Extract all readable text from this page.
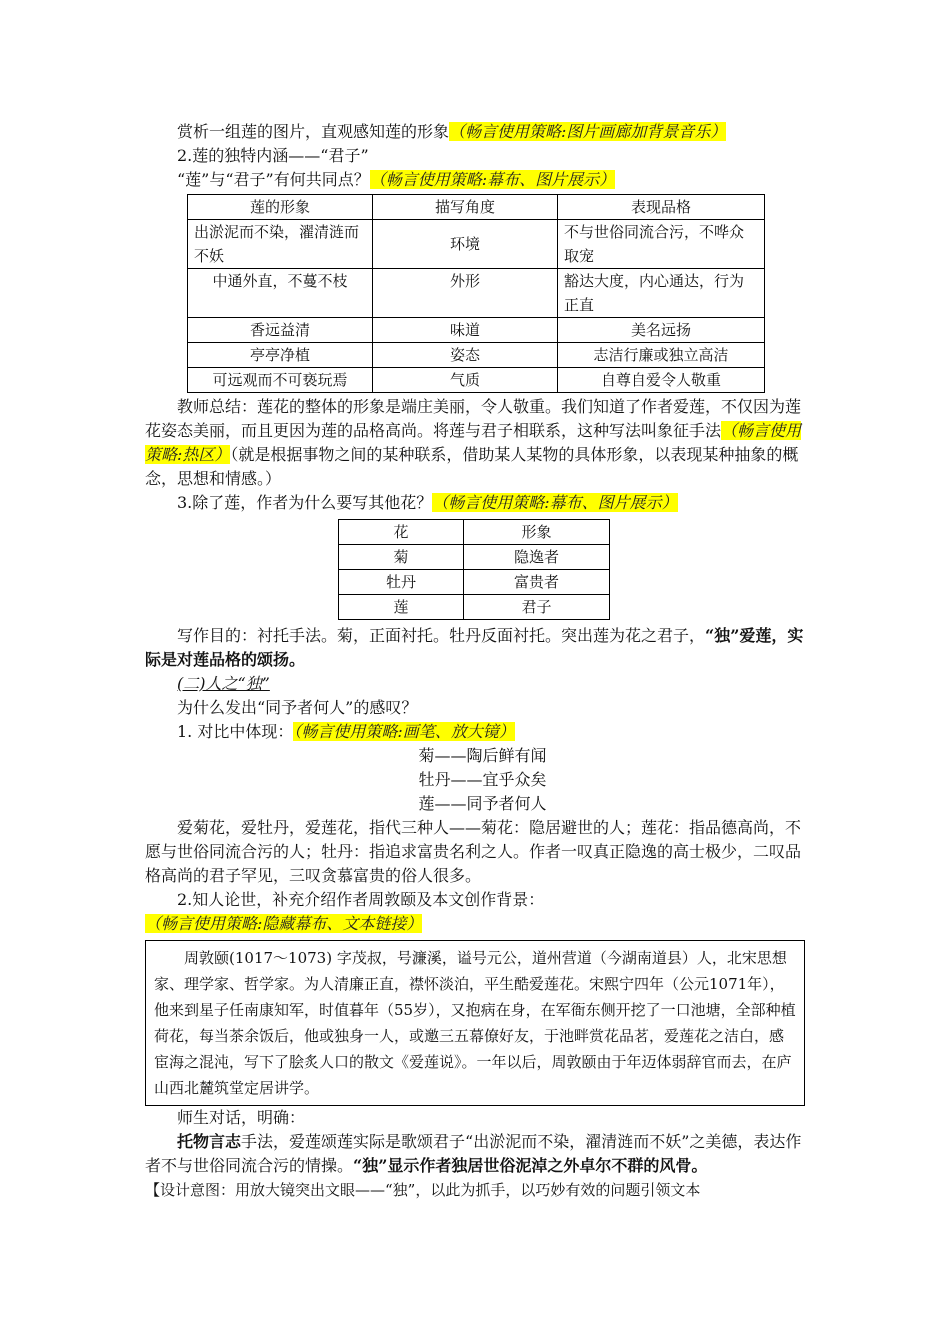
赏析一组莲的图片，直观感知莲的形象（畅言使用策略:图片画廊加背景音乐）

2.莲的独特内涵——“君子”

“莲”与“君子”有何共同点？（畅言使用策略:幕布、图片展示）

莲的形象	描写角度	表现品格
出淤泥而不染，濯清涟而不妖	环境	不与世俗同流合污，不哗众取宠
中通外直，不蔓不枝	外形	豁达大度，内心通达，行为正直
香远益清	味道	美名远扬
亭亭净植	姿态	志洁行廉或独立高洁
可远观而不可亵玩焉	气质	自尊自爱令人敬重

教师总结：莲花的整体的形象是端庄美丽，令人敬重。我们知道了作者爱莲，不仅因为莲花姿态美丽，而且更因为莲的品格高尚。将莲与君子相联系，这种写法叫象征手法（畅言使用策略:热区）（就是根据事物之间的某种联系，借助某人某物的具体形象，以表现某种抽象的概念，思想和情感。）

3.除了莲，作者为什么要写其他花？（畅言使用策略:幕布、图片展示）

花	形象
菊	隐逸者
牡丹	富贵者
莲	君子

写作目的：衬托手法。菊，正面衬托。牡丹反面衬托。突出莲为花之君子，“独”爱莲，实际是对莲品格的颂扬。

(二)人之“独”

为什么发出“同予者何人”的感叹？

1. 对比中体现：（畅言使用策略:画笔、放大镜）

菊——陶后鲜有闻

牡丹——宜乎众矣

莲——同予者何人

爱菊花，爱牡丹，爱莲花，指代三种人——菊花：隐居避世的人；莲花：指品德高尚，不愿与世俗同流合污的人；牡丹：指追求富贵名利之人。作者一叹真正隐逸的高士极少，二叹品格高尚的君子罕见，三叹贪慕富贵的俗人很多。

2.知人论世，补充介绍作者周敦颐及本文创作背景：（畅言使用策略:隐藏幕布、文本链接）

周敦颐(1017～1073) 字茂叔，号濂溪，谥号元公，道州营道（今湖南道县）人，北宋思想家、理学家、哲学家。为人清廉正直，襟怀淡泊，平生酷爱莲花。宋熙宁四年（公元1071年），他来到星子任南康知军，时值暮年（55岁），又抱病在身，在军衙东侧开挖了一口池塘，全部种植荷花，每当茶余饭后，他或独身一人，或邀三五幕僚好友，于池畔赏花品茗，爱莲花之洁白，感宦海之混沌，写下了脍炙人口的散文《爱莲说》。一年以后，周敦颐由于年迈体弱辞官而去，在庐山西北麓筑堂定居讲学。

师生对话，明确：

托物言志手法，爱莲颂莲实际是歌颂君子“出淤泥而不染，濯清涟而不妖”之美德，表达作者不与世俗同流合污的情操。“独”显示作者独居世俗泥淖之外卓尔不群的风骨。

【设计意图：用放大镜突出文眼——“独”，以此为抓手，以巧妙有效的问题引领文本
